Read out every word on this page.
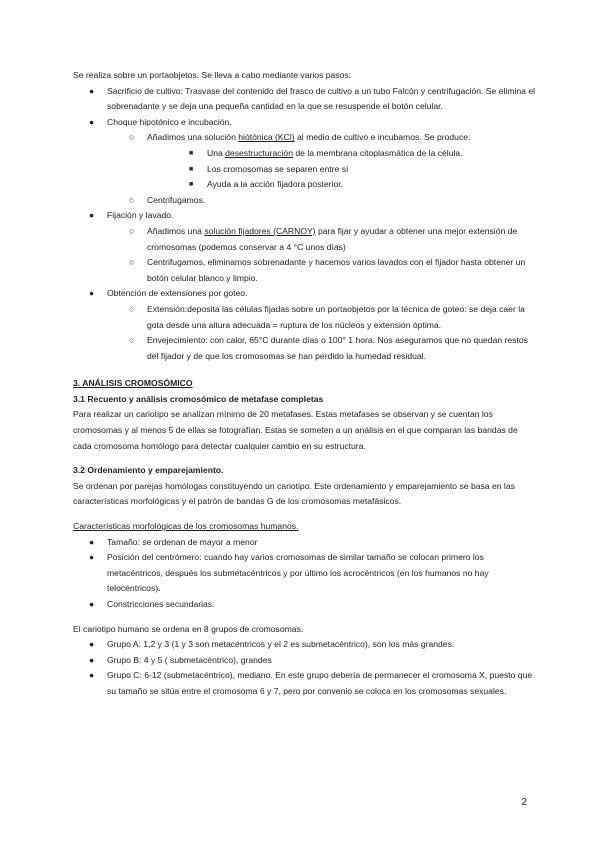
Se realiza sobre un portaobjetos. Se lleva a cabo mediante varios pasos:

● Sacrificio de cultivo: Trasvase del contenido del frasco de cultivo a un tubo Falcón y centrifugación. Se elimina el sobrenadante y se deja una pequeña cantidad en la que se resuspende el botón celular.
● Choque hipotónico e incubación.
○ Añadimos una solución hiótónica (KCl) al medio de cultivo e incubamos. Se produce:
■ Una desestructuración de la membrana citoplasmática de la célula.
■ Los cromosomas se separen entre sí
■ Ayuda a la acción fijadora posterior.
○ Centrifugamos.
● Fijación y lavado.
○ Añadimos una solución fijadores (CARNOY) para fijar y ayudar a obtener una mejor extensión de cromosomas (podemos conservar a 4 °C unos días)
○ Centrifugamos, eliminamos sobrenadante y hacemos varios lavados con el fijador hasta obtener un botón celular blanco y limpio.
● Obtención de extensiones por goteo.
○ Extensión:deposita las células fijadas sobre un portaobjetos por la técnica de goteo: se deja caer la gota desde una altura adecuada = ruptura de los núcleos y extensión óptima.
○ Envejecimiento: con calor, 65°C durante días o 100° 1 hora. Nos aseguramos que no quedan restos del fijador y de que los cromosomas se han perdido la humedad residual.

3. ANÁLISIS CROMOSÓMICO

3.1 Recuento y análisis cromosómico de metafase completas

Para realizar un cariotipo se analizan mínimo de 20 metafases. Estas metafases se observan y se cuentan los cromosomas y al menos 5 de ellas se fotografían. Estas se someten a un análisis en el que comparan las bandas de cada cromosoma homólogo para detectar cualquier cambio en su estructura.

3.2 Ordenamiento y emparejamiento.

Se ordenan por parejas homólogas constituyendo un cariotipo. Este ordenamiento y emparejamiento se basa en las características morfológicas y el patrón de bandas G de los cromosomas metafásicos.

Características morfológicas de los cromosomas humanos.

● Tamaño: se ordenan de mayor a menor
● Posición del centrómero: cuando hay varios cromosomas de similar tamaño se colocan primero los metacéntricos, después los submetacéntricos y por último los acrocéntricos (en los humanos no hay telocéntricos).
● Constricciones secundarias.

El cariotipo humano se ordena en 8 grupos de cromosomas.

● Grupo A: 1,2 y 3 (1 y 3 son metacéntricos y el 2 es submetacéntrico), son los más grandes.
● Grupo B: 4 y 5 ( submetacéntrico), grandes
● Grupo C: 6-12 (submetacéntrico), mediano. En este grupo debería de permanecer el cromosoma X, puesto que su tamaño se sitúa entre el cromosoma 6 y 7, pero por convenio se coloca en los cromosomas sexuales.
2
